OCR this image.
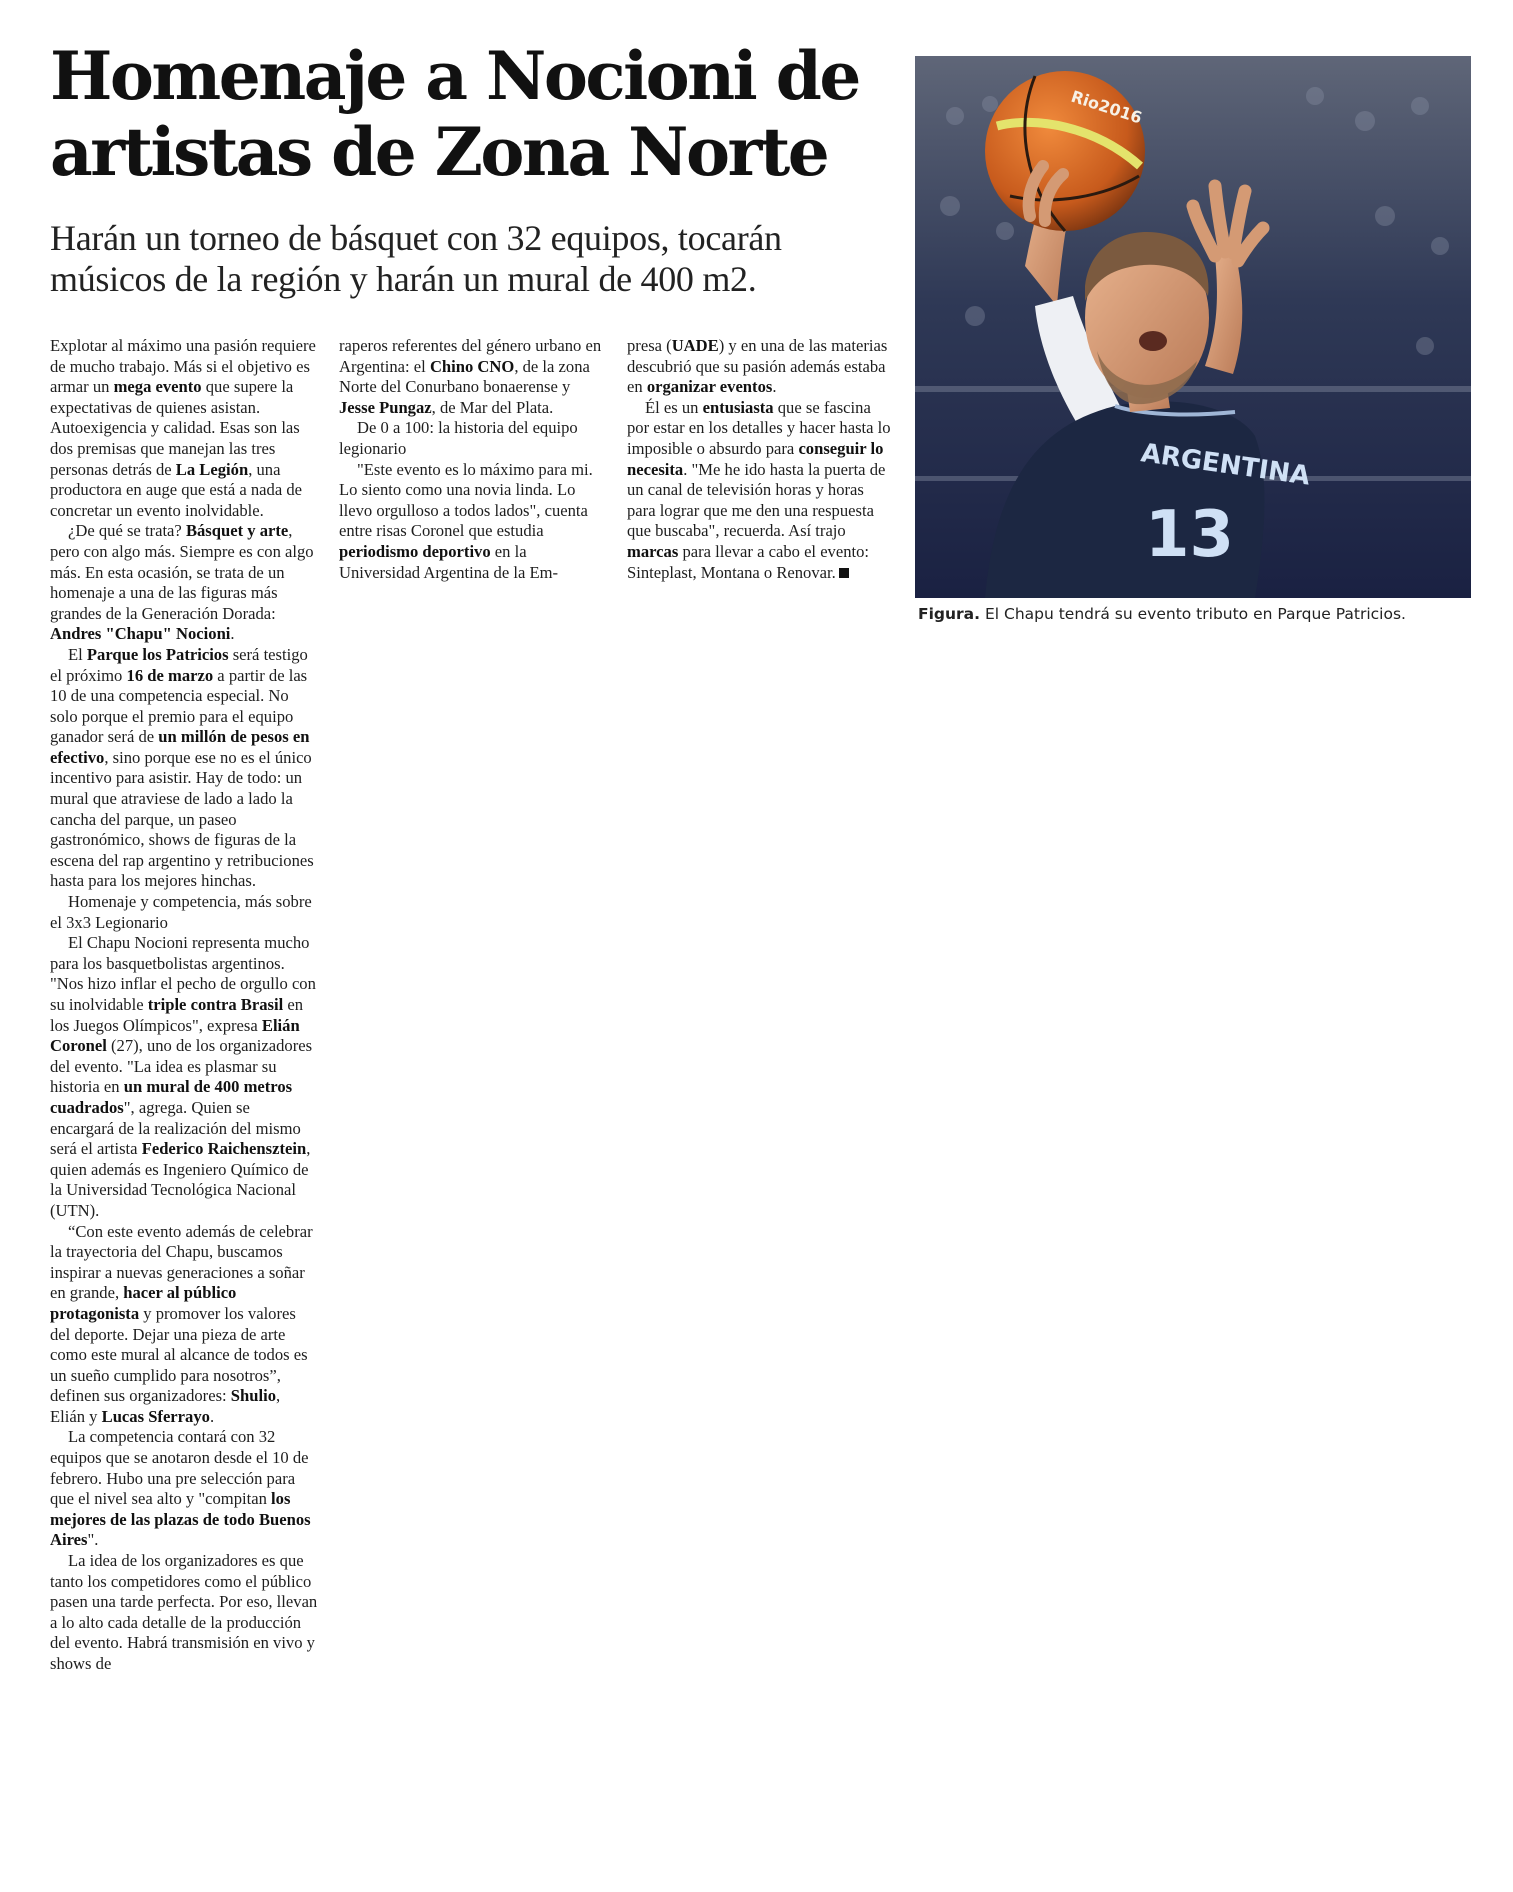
Homenaje a Nocioni de
artistas de Zona Norte

Harán un torneo de básquet con 32 equipos, tocarán
músicos de la región y harán un mural de 400 m2.

Explotar al máximo una pasión requiere de mucho trabajo. Más si el objetivo es armar un mega evento que supere la expectativas de quienes asistan. Autoexigencia y calidad. Esas son las dos premisas que manejan las tres personas detrás de La Legión, una productora en auge que está a nada de concretar un evento inolvidable.

¿De qué se trata? Básquet y arte, pero con algo más. Siempre es con algo más. En esta ocasión, se trata de un homenaje a una de las figuras más grandes de la Generación Dorada: Andres "Chapu" Nocioni.

El Parque los Patricios será testigo el próximo 16 de marzo a partir de las 10 de una competencia especial. No solo porque el premio para el equipo ganador será de un millón de pesos en efectivo, sino porque ese no es el único incentivo para asistir. Hay de todo: un mural que atraviese de lado a lado la cancha del parque, un paseo gastronómico, shows de figuras de la escena del rap argentino y retribuciones hasta para los mejores hinchas.

Homenaje y competencia, más sobre el 3x3 Legionario

El Chapu Nocioni representa mucho para los basquetbolistas argentinos. "Nos hizo inflar el pecho de orgullo con su inolvidable triple contra Brasil en los Juegos Olímpicos", expresa Elián Coronel (27), uno de los organizadores del evento. "La idea es plasmar su historia en un mural de 400 metros cuadrados", agrega. Quien se encargará de la realización del mismo será el artista Federico Raichensztein, quien además es Ingeniero Químico de la Universidad Tecnológica Nacional (UTN).

“Con este evento además de celebrar la trayectoria del Chapu, buscamos inspirar a nuevas generaciones a soñar en grande, hacer al público protagonista y promover los valores del deporte. Dejar una pieza de arte como este mural al alcance de todos es un sueño cumplido para nosotros”, definen sus organizadores: Shulio, Elián y Lucas Sferrayo.

La competencia contará con 32 equipos que se anotaron desde el 10 de febrero. Hubo una pre selección para que el nivel sea alto y "compitan los mejores de las plazas de todo Buenos Aires".

La idea de los organizadores es que tanto los competidores como el público pasen una tarde perfecta. Por eso, llevan a lo alto cada detalle de la producción del evento. Habrá transmisión en vivo y shows de

raperos referentes del género urbano en Argentina: el Chino CNO, de la zona Norte del Conurbano bonaerense y Jesse Pungaz, de Mar del Plata.

De 0 a 100: la historia del equipo legionario

"Este evento es lo máximo para mi. Lo siento como una novia linda. Lo llevo orgulloso a todos lados", cuenta entre risas Coronel que estudia periodismo deportivo en la Universidad Argentina de la Em-

presa (UADE) y en una de las materias descubrió que su pasión además estaba en organizar eventos.

Él es un entusiasta que se fascina por estar en los detalles y hacer hasta lo imposible o absurdo para conseguir lo necesita. "Me he ido hasta la puerta de un canal de televisión horas y horas para lograr que me den una respuesta que buscaba", recuerda. Así trajo marcas para llevar a cabo el evento: Sinteplast, Montana o Renovar.

ARGENTINA
13
Rio2016
Figura. El Chapu tendrá su evento tributo en Parque Patricios.
